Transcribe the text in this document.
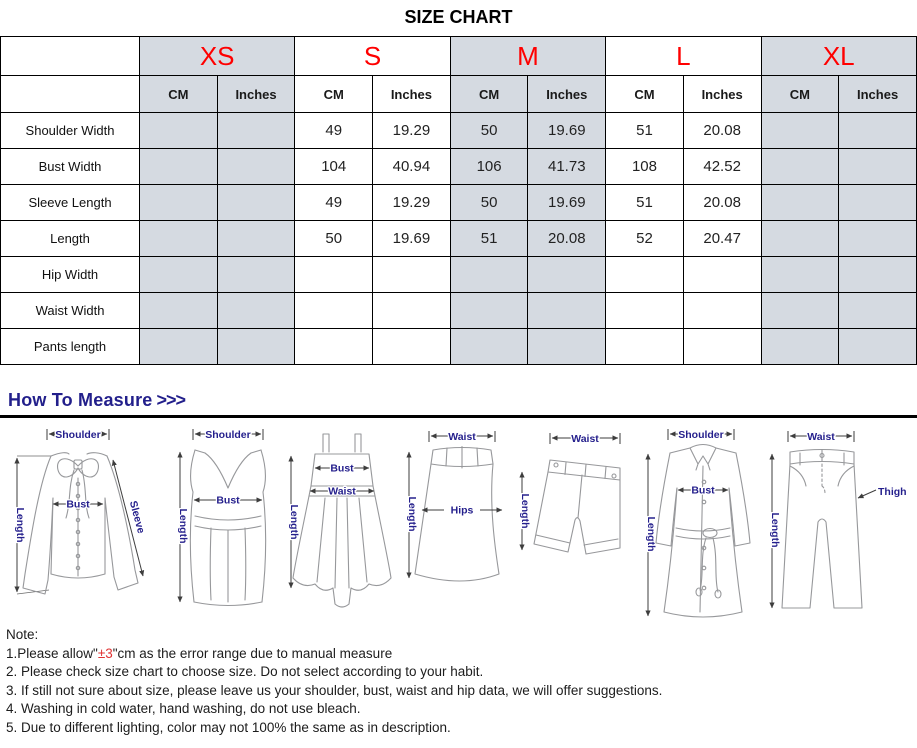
SIZE CHART
	XS		S		M		L		XL	
	CM	Inches	CM	Inches	CM	Inches	CM	Inches	CM	Inches
Shoulder Width			49	19.29	50	19.69	51	20.08		
Bust Width			104	40.94	106	41.73	108	42.52		
Sleeve Length			49	19.29	50	19.69	51	20.08		
Length			50	19.69	51	20.08	52	20.47		
Hip Width										
Waist Width										
Pants length										
How To Measure >>>
Shoulder
Length
Bust	Sleeve
Shoulder
Length
Bust
Length
Bust
Waist
Waist
Length	Hips
Waist
Length
Shoulder
Length
Bust
Waist
Length
Thigh
Note:
1.Please allow"±3"cm as the error range due to manual measure
2. Please check size chart to choose size. Do not select according to your habit.
3. If still not sure about size, please leave us your shoulder, bust, waist and hip data, we will offer suggestions.
4. Washing in cold water, hand washing, do not use bleach.
5. Due to different lighting, color may not 100% the same as in description.
